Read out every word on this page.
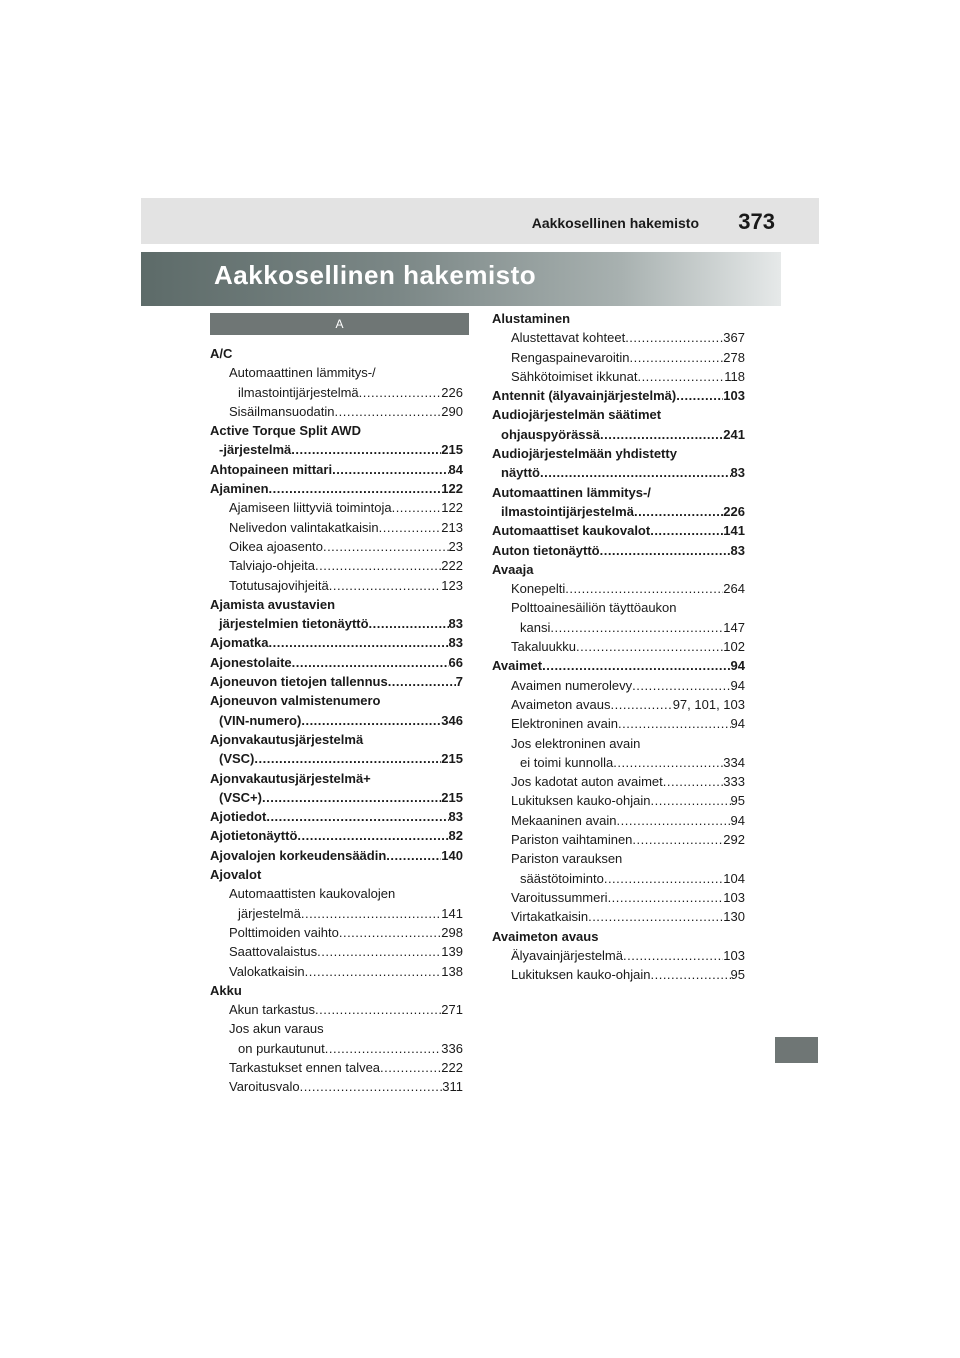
Aakkosellinen hakemisto 373
Aakkosellinen hakemisto
A
A/C
Automaattinen lämmitys-/
ilmastointijärjestelmä .....	226
Sisäilmansuodatin .....	290
Active Torque Split AWD
-järjestelmä .....	215
Ahtopaineen mittari .....	84
Ajaminen .....	122
Ajamiseen liittyviä toimintoja .....	122
Nelivedon valintakatkaisin .....	213
Oikea ajoasento .....	23
Talviajo-ohjeita .....	222
Totutusajovihjeitä .....	123
Ajamista avustavien
järjestelmien tietonäyttö .....	83
Ajomatka .....	83
Ajonestolaite .....	66
Ajoneuvon tietojen tallennus .....	7
Ajoneuvon valmistenumero
(VIN-numero) .....	346
Ajonvakautusjärjestelmä
(VSC) .....	215
Ajonvakautusjärjestelmä+
(VSC+) .....	215
Ajotiedot .....	83
Ajotietonäyttö .....	82
Ajovalojen korkeudensäädin .....	140
Ajovalot
Automaattisten kaukovalojen
järjestelmä .....	141
Polttimoiden vaihto .....	298
Saattovalaistus .....	139
Valokatkaisin .....	138
Akku
Akun tarkastus .....	271
Jos akun varaus
on purkautunut .....	336
Tarkastukset ennen talvea .....	222
Varoitusvalo .....	311
Alustaminen
Alustettavat kohteet .....	367
Rengaspainevaroitin .....	278
Sähkötoimiset ikkunat .....	118
Antennit (älyavainjärjestelmä) .....	103
Audiojärjestelmän säätimet
ohjauspyörässä .....	241
Audiojärjestelmään yhdistetty
näyttö .....	83
Automaattinen lämmitys-/
ilmastointijärjestelmä .....	226
Automaattiset kaukovalot .....	141
Auton tietonäyttö .....	83
Avaaja
Konepelti .....	264
Polttoainesäiliön täyttöaukon
kansi .....	147
Takaluukku .....	102
Avaimet .....	94
Avaimen numerolevy .....	94
Avaimeton avaus .....	97, 101, 103
Elektroninen avain .....	94
Jos elektroninen avain
ei toimi kunnolla .....	334
Jos kadotat auton avaimet .....	333
Lukituksen kauko-ohjain .....	95
Mekaaninen avain .....	94
Pariston vaihtaminen .....	292
Pariston varauksen
säästötoiminto .....	104
Varoitussummeri .....	103
Virtakatkaisin .....	130
Avaimeton avaus
Älyavainjärjestelmä .....	103
Lukituksen kauko-ohjain .....	95
